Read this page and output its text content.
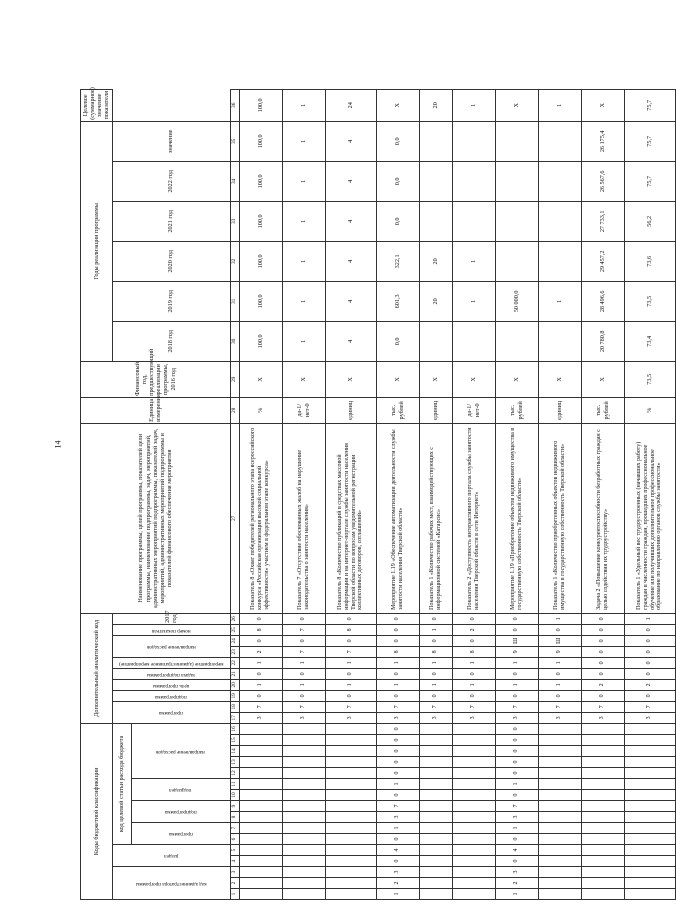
14
Коды бюджетной классификации																Дополнительный аналитический код										Наименование программы, целей программы, показателей цели программы, наименование подпрограммы, задач, мероприятий, административных мероприятий подпрограммы, показателей задач, мероприятий, административных мероприятий подпрограммы и показателей финансового обеспечения мероприятия	Единица измерения	Финансовый год, предшествующий реализации программы, 2016 год	Годы реализации программы						Целевое (суммарное) значение показателя	

код администратора программы			раздел		код целевой статьи расхода бюджета											программа		подпрограмма	цель программы	задача подпрограммы	мероприятие (административное мероприятие)	направление расходов		номер показателя	2017 год				2018 год	2019 год	2020 год	2021 год	2022 год	значение		

					программа		подпрограмма		подраздел		направление расходов																									

1	2	3	4	5	6	7	8	9	10	11	12	13	14	15	16	17	18	19	20	21	22	23	24	25	26	27	28	29	30	31	32	33	34	35	36	
																3	7	0	1	0	1	2	0	8	0	Показатель 8 «Охват победителей регионального этапа всероссийского конкурса «Российская организация высокой социальной эффективности» участием в федеральном этапе конкурса»	%	Х	100,0	100,0	100,0	100,0	100,0	100,0	100,0	
																3	7	0	1	0	1	7	0	7	0	Показатель 7 «Отсутствие обоснованных жалоб на нарушение законодательства о занятости населения»	да-1/ нет-0	Х	1	1	1	1	1	1	1	
																3	7	0	1	0	1	7	0	8	0	Показатель 8 «Количество публикаций в средствах массовой информации и на интернет-портале службы занятости населения Тверской области по вопросам уведомительной регистрации коллективных договоров, соглашений»	единиц	Х	4	4	4	4	4	4	24	
1	2	3	0	4	0	1	3	7	0	1	0	0	0	0	0	3	7	0	1	0	1	8	0	0	0	Мероприятие 1.19 «Обеспечение автоматизации деятельности службы занятости населения Тверской области»	тыс. рублей	Х	0,0	601,3	322,1	0,0	0,0	0,0	Х	
																3	7	0	1	0	1	8	0	1	0	Показатель 1 «Количество рабочих мест, взаимодействующих с информационной системой «Катарсис»	единиц	Х		20	20				20	
																3	7	0	1	0	1	8	0	2	0	Показатель 2 «Доступность интерактивного портала службы занятости населения Тверской области в сети Интернет»	да-1/ нет-0	Х		1	1				1	
1	2	3	0	4	0	1	3	7	0	1	0	0	0	0	0	3	7	0	1	0	1	9	Ш	0	0	Мероприятие 1.19 «Приобретение объектов недвижимого имущества в государственную собственность Тверской области»	тыс. рублей	Х		50 000,0					Х	
																3	7	0	1	0	1	9	Ш	0	1	Показатель 1 «Количество приобретенных объектов недвижимого имущества в государственную собственность Тверской области»	единиц	Х		1					1	
																3	7	0	2	0	0	0	0	0	0	Задача 2 «Повышение конкурентоспособности безработных граждан с целью содействия их трудоустройству»	тыс. рублей	Х	20 780,8	28 496,6	29 457,2	27 733,1	26 567,6	26 175,4	Х	
																3	7	0	2	0	0	0	0	0	1	Показатель 1 «Удельный вес трудоустроенных (начавших работу) граждан в численности граждан, прошедших профессиональное обучение или получивших дополнительное профессиональное образование по направлению органов службы занятости»	%	73,5	73,4	73,5	73,6	56,2	75,7	75,7	75,7	
